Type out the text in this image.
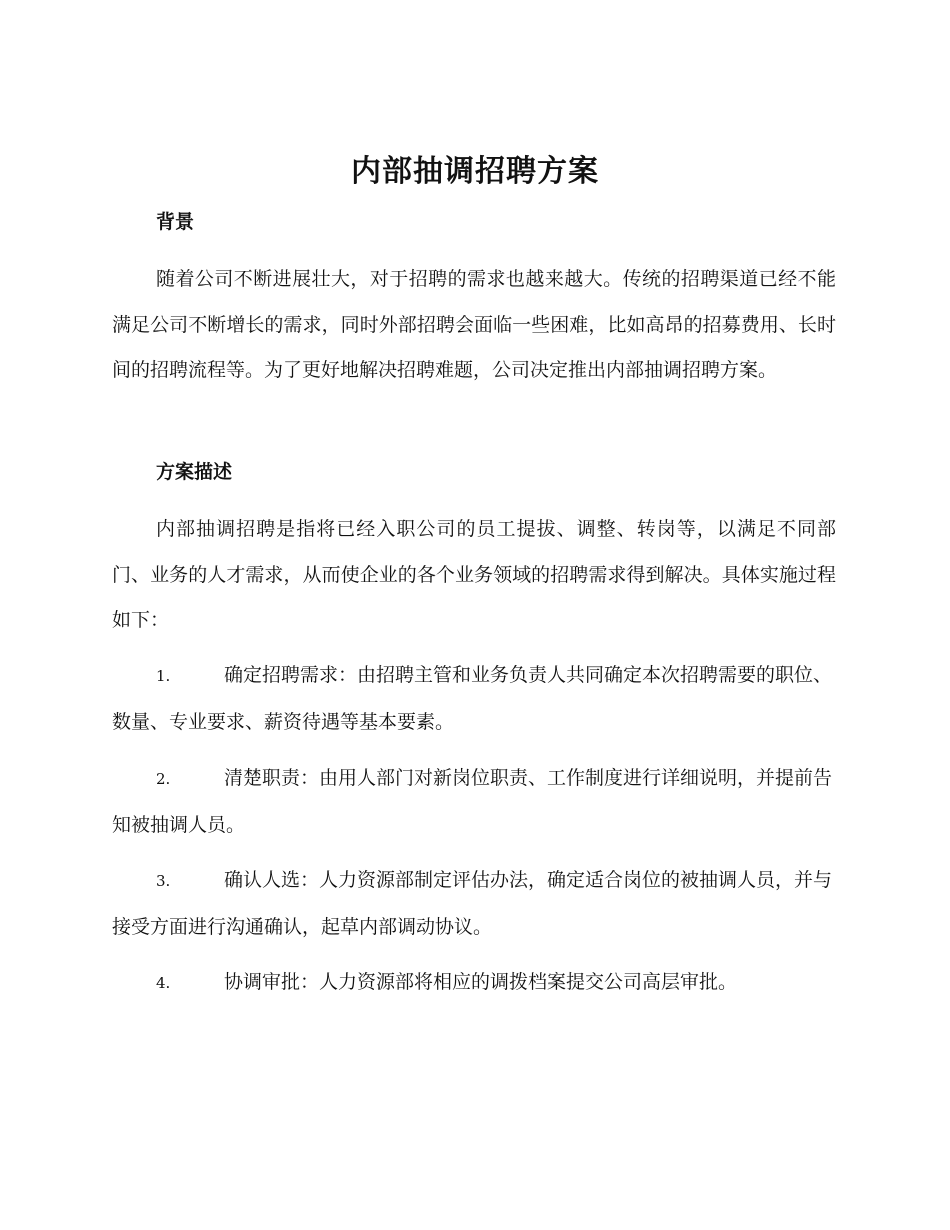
内部抽调招聘方案
背景

随着公司不断进展壮大，对于招聘的需求也越来越大。传统的招聘渠道已经不能满足公司不断增长的需求，同时外部招聘会面临一些困难，比如高昂的招募费用、长时间的招聘流程等。为了更好地解决招聘难题，公司决定推出内部抽调招聘方案。

方案描述

内部抽调招聘是指将已经入职公司的员工提拔、调整、转岗等，以满足不同部门、业务的人才需求，从而使企业的各个业务领域的招聘需求得到解决。具体实施过程如下：

1.	确定招聘需求：由招聘主管和业务负责人共同确定本次招聘需要的职位、数量、专业要求、薪资待遇等基本要素。
2.	清楚职责：由用人部门对新岗位职责、工作制度进行详细说明，并提前告知被抽调人员。
3.	确认人选：人力资源部制定评估办法，确定适合岗位的被抽调人员，并与接受方面进行沟通确认，起草内部调动协议。
4.	协调审批：人力资源部将相应的调拨档案提交公司高层审批。
